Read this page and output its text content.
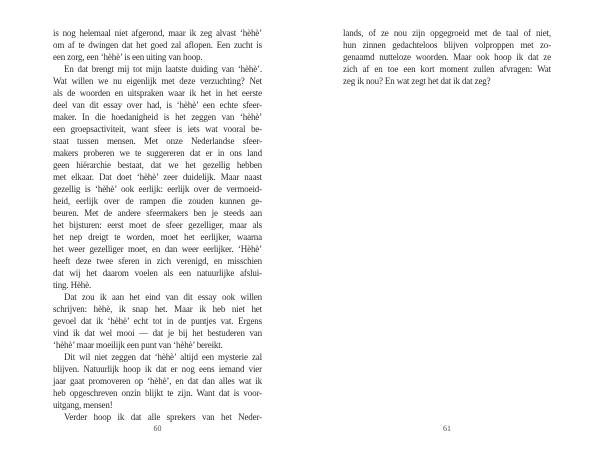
is nog helemaal niet afgerond, maar ik zeg alvast ‘hèhè’
om af te dwingen dat het goed zal aflopen. Een zucht is
een zorg, een ‘hèhè’ is een uiting van hoop.
En dat brengt mij tot mijn laatste duiding van ‘hèhè’.
Wat willen we nu eigenlijk met deze verzuchting? Net
als de woorden en uitspraken waar ik het in het eerste
deel van dit essay over had, is ‘hèhè’ een echte sfeer-
maker. In die hoedanigheid is het zeggen van ‘hèhè’
een groepsactiviteit, want sfeer is iets wat vooral be-
staat tussen mensen. Met onze Nederlandse sfeer-
makers proberen we te suggereren dat er in ons land
geen hiërarchie bestaat, dat we het gezellig hebben
met elkaar. Dat doet ‘hèhè’ zeer duidelijk. Maar naast
gezellig is ‘hèhè’ ook eerlijk: eerlijk over de vermoeid-
heid, eerlijk over de rampen die zouden kunnen ge-
beuren. Met de andere sfeermakers ben je steeds aan
het bijsturen: eerst moet de sfeer gezelliger, maar als
het nep dreigt te worden, moet het eerlijker, waarna
het weer gezelliger moet, en dan weer eerlijker. ‘Hèhè’
heeft deze twee sferen in zich verenigd, en misschien
dat wij het daarom voelen als een natuurlijke afslui-
ting. Hèhè.
Dat zou ik aan het eind van dit essay ook willen
schrijven: hèhè, ik snap het. Maar ik heb niet het
gevoel dat ik ‘hèhè’ echt tot in de puntjes vat. Ergens
vind ik dat wel mooi — dat je bij het bestuderen van
‘hèhè’ maar moeilijk een punt van ‘hèhè’ bereikt.
Dit wil niet zeggen dat ‘hèhè’ altijd een mysterie zal
blijven. Natuurlijk hoop ik dat er nog eens iemand vier
jaar gaat promoveren op ‘hèhè’, en dat dan alles wat ik
heb opgeschreven onzin blijkt te zijn. Want dat is voor-
uitgang, mensen!
Verder hoop ik dat alle sprekers van het Neder-
60
lands, of ze nou zijn opgegroeid met de taal of niet,
hun zinnen gedachteloos blijven volproppen met zo-
genaamd nutteloze woorden. Maar ook hoop ik dat ze
zich af en toe een kort moment zullen afvragen: Wat
zeg ik nou? En wat zegt het dat ik dat zeg?
61
